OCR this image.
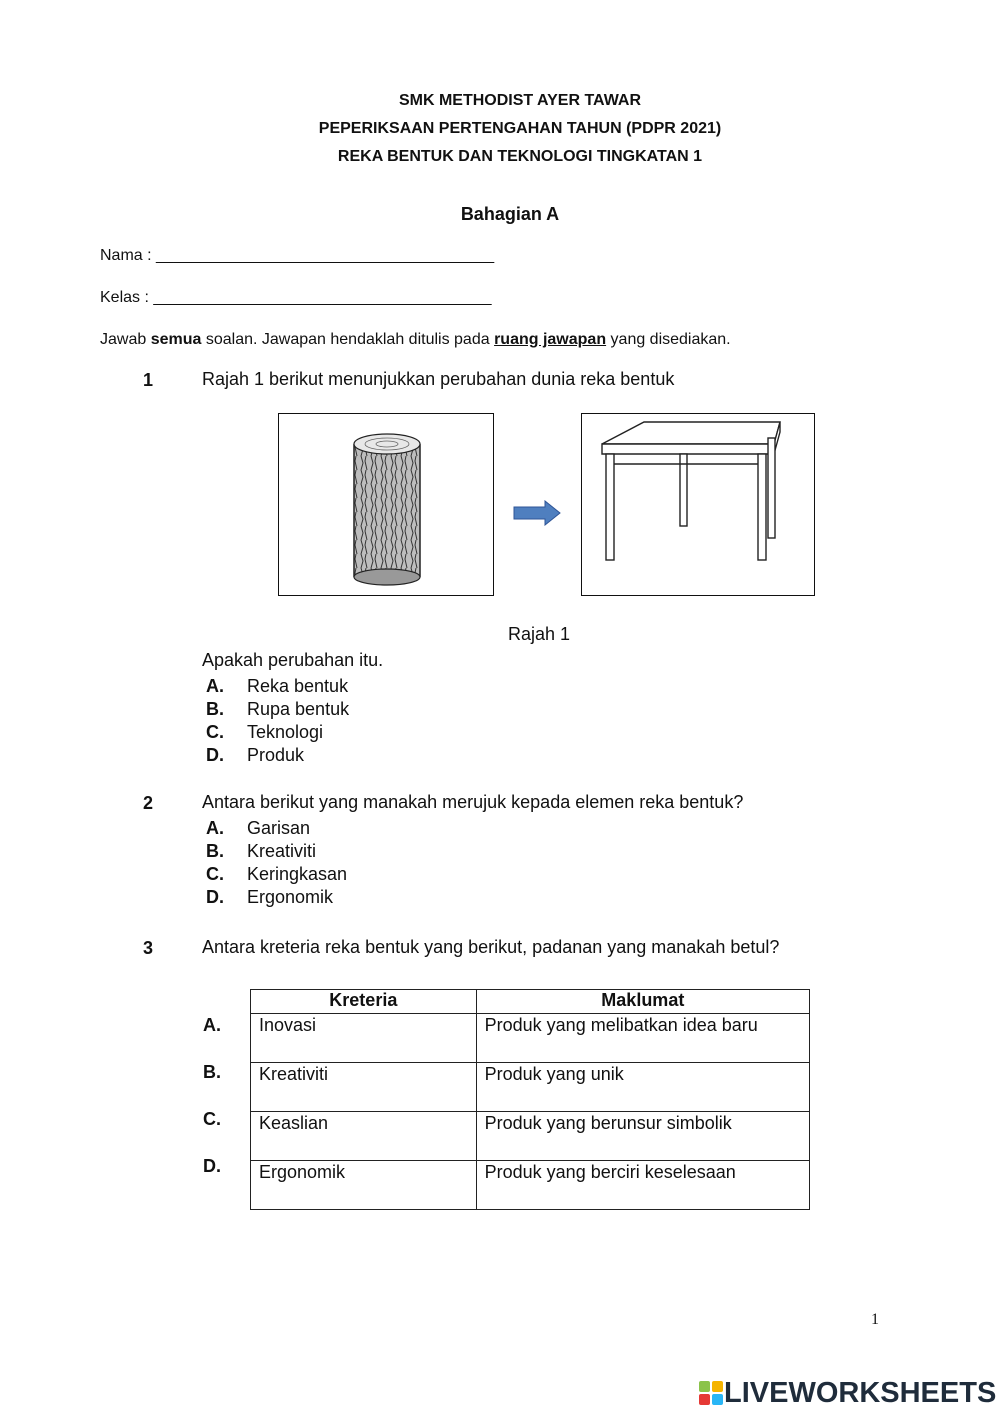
SMK METHODIST AYER TAWAR
PEPERIKSAAN PERTENGAHAN TAHUN (PDPR 2021)
REKA BENTUK DAN TEKNOLOGI TINGKATAN 1
Bahagian A
Nama : ______________________________________
Kelas : ______________________________________
Jawab semua soalan. Jawapan hendaklah ditulis pada ruang jawapan yang disediakan.
1	Rajah 1 berikut menunjukkan perubahan dunia reka bentuk
Rajah 1
Apakah perubahan itu.
A. Reka bentuk
B. Rupa bentuk
C. Teknologi
D. Produk
2	Antara berikut yang manakah merujuk kepada elemen reka bentuk?
A. Garisan
B. Kreativiti
C. Keringkasan
D. Ergonomik
3	Antara kreteria reka bentuk yang berikut, padanan yang manakah betul?
Kreteria	Maklumat
Inovasi	Produk yang melibatkan idea baru
Kreativiti	Produk yang unik
Keaslian	Produk yang berunsur simbolik
Ergonomik	Produk yang berciri keselesaan
A.
B.
C.
D.
1
LIVEWORKSHEETS
